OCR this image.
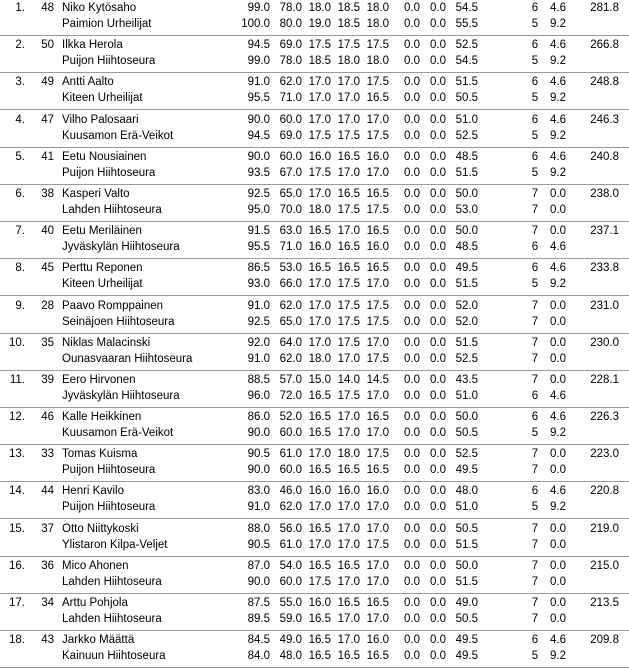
1.	48 Niko Kytösaho	99.0 78.0 18.0 18.5 18.0	0.0 0.0 54.5	6 4.6	281.8
Paimion Urheilijat	100.0 80.0 19.0 18.5 18.0	0.0 0.0 55.5	5 9.2
2.	50 Ilkka Herola	94.5 69.0 17.5 17.5 17.5	0.0 0.0 52.5	6 4.6	266.8
Puijon Hiihtoseura	99.0 78.0 18.5 18.0 18.0	0.0 0.0 54.5	5 9.2
3.	49 Antti Aalto	91.0 62.0 17.0 17.0 17.5	0.0 0.0 51.5	6 4.6	248.8
Kiteen Urheilijat	95.5 71.0 17.0 17.0 16.5	0.0 0.0 50.5	5 9.2
4.	47 Vilho Palosaari	90.0 60.0 17.0 17.0 17.0	0.0 0.0 51.0	6 4.6	246.3
Kuusamon Erä-Veikot	94.5 69.0 17.5 17.5 17.5	0.0 0.0 52.5	5 9.2
5.	41 Eetu Nousiainen	90.0 60.0 16.0 16.5 16.0	0.0 0.0 48.5	6 4.6	240.8
Puijon Hiihtoseura	93.5 67.0 17.5 17.0 17.0	0.0 0.0 51.5	5 9.2
6.	38 Kasperi Valto	92.5 65.0 17.0 16.5 16.5	0.0 0.0 50.0	7 0.0	238.0
Lahden Hiihtoseura	95.0 70.0 18.0 17.5 17.5	0.0 0.0 53.0	7 0.0
7.	40 Eetu Meriläinen	91.5 63.0 16.5 17.0 16.5	0.0 0.0 50.0	7 0.0	237.1
Jyväskylän Hiihtoseura	95.5 71.0 16.0 16.5 16.0	0.0 0.0 48.5	6 4.6
8.	45 Perttu Reponen	86.5 53.0 16.5 16.5 16.5	0.0 0.0 49.5	6 4.6	233.8
Kiteen Urheilijat	93.0 66.0 17.0 17.5 17.0	0.0 0.0 51.5	5 9.2
9.	28 Paavo Romppainen	91.0 62.0 17.0 17.5 17.5	0.0 0.0 52.0	7 0.0	231.0
Seinäjoen Hiihtoseura	92.5 65.0 17.0 17.5 17.5	0.0 0.0 52.0	7 0.0
10.	35 Niklas Malacinski	92.0 64.0 17.0 17.5 17.0	0.0 0.0 51.5	7 0.0	230.0
Ounasvaaran Hiihtoseura	91.0 62.0 18.0 17.0 17.5	0.0 0.0 52.5	7 0.0
11.	39 Eero Hirvonen	88.5 57.0 15.0 14.0 14.5	0.0 0.0 43.5	7 0.0	228.1
Jyväskylän Hiihtoseura	96.0 72.0 16.5 17.5 17.0	0.0 0.0 51.0	6 4.6
12.	46 Kalle Heikkinen	86.0 52.0 16.5 17.0 16.5	0.0 0.0 50.0	6 4.6	226.3
Kuusamon Erä-Veikot	90.0 60.0 16.5 17.0 17.0	0.0 0.0 50.5	5 9.2
13.	33 Tomas Kuisma	90.5 61.0 17.0 18.0 17.5	0.0 0.0 52.5	7 0.0	223.0
Puijon Hiihtoseura	90.0 60.0 16.5 16.5 16.5	0.0 0.0 49.5	7 0.0
14.	44 Henri Kavilo	83.0 46.0 16.0 16.0 16.0	0.0 0.0 48.0	6 4.6	220.8
Puijon Hiihtoseura	91.0 62.0 17.0 17.0 17.0	0.0 0.0 51.0	5 9.2
15.	37 Otto Niittykoski	88.0 56.0 16.5 17.0 17.0	0.0 0.0 50.5	7 0.0	219.0
Ylistaron Kilpa-Veljet	90.5 61.0 17.0 17.0 17.5	0.0 0.0 51.5	7 0.0
16.	36 Mico Ahonen	87.0 54.0 16.5 16.5 17.0	0.0 0.0 50.0	7 0.0	215.0
Lahden Hiihtoseura	90.0 60.0 17.5 17.0 17.0	0.0 0.0 51.5	7 0.0
17.	34 Arttu Pohjola	87.5 55.0 16.0 16.5 16.5	0.0 0.0 49.0	7 0.0	213.5
Lahden Hiihtoseura	89.5 59.0 16.5 17.0 17.0	0.0 0.0 50.5	7 0.0
18.	43 Jarkko Määttä	84.5 49.0 16.5 17.0 16.0	0.0 0.0 49.5	6 4.6	209.8
Kainuun Hiihtoseura	84.0 48.0 16.5 16.5 16.5	0.0 0.0 49.5	5 9.2
